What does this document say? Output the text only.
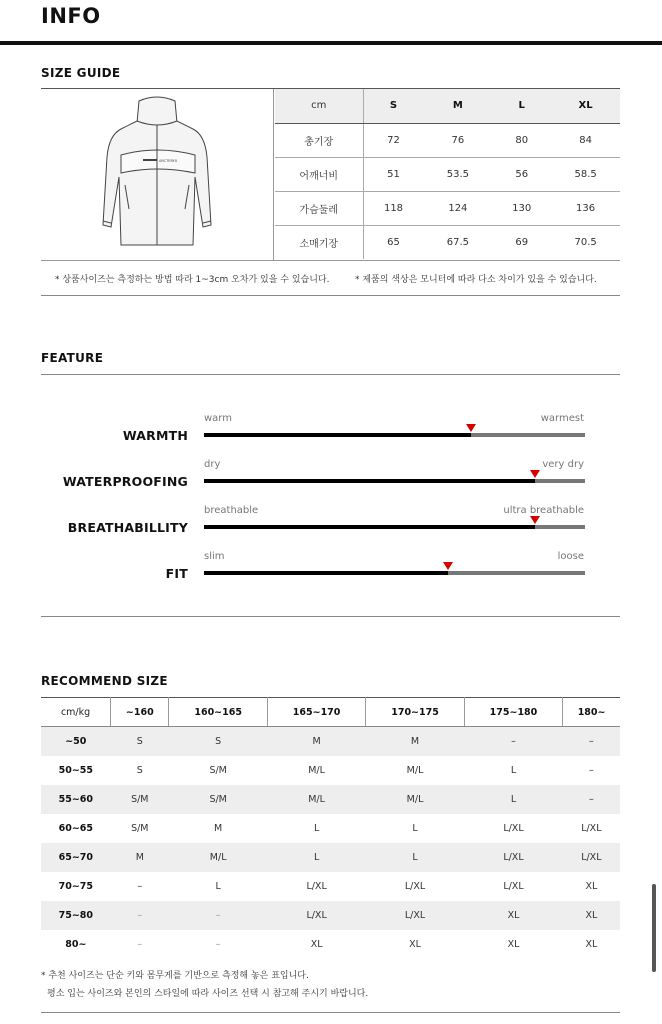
INFO
SIZE GUIDE
ARCTERYX
cm	S	M	L	XL
총기장	72	76	80	84
어깨너비	51	53.5	56	58.5
가슴둘레	118	124	130	136
소매기장	65	67.5	69	70.5
* 상품사이즈는 측정하는 방법 따라 1~3cm 오차가 있을 수 있습니다.	* 제품의 색상은 모니터에 따라 다소 차이가 있을 수 있습니다.
FEATURE
WARMTH
warm	warmest
WATERPROOFING
dry	very dry
BREATHABILLITY
breathable	ultra breathable
FIT
slim	loose
RECOMMEND SIZE
cm/kg	~160	160~165	165~170	170~175	175~180	180~
~50	S	S	M	M	–	–
50~55	S	S/M	M/L	M/L	L	–
55~60	S/M	S/M	M/L	M/L	L	–
60~65	S/M	M	L	L	L/XL	L/XL
65~70	M	M/L	L	L	L/XL	L/XL
70~75	–	L	L/XL	L/XL	L/XL	XL
75~80	–	–	L/XL	L/XL	XL	XL
80~	–	–	XL	XL	XL	XL
* 추천 사이즈는 단순 키와 몸무게를 기반으로 측정해 놓은 표입니다.
평소 입는 사이즈와 본인의 스타일에 따라 사이즈 선택 시 참고해 주시기 바랍니다.
